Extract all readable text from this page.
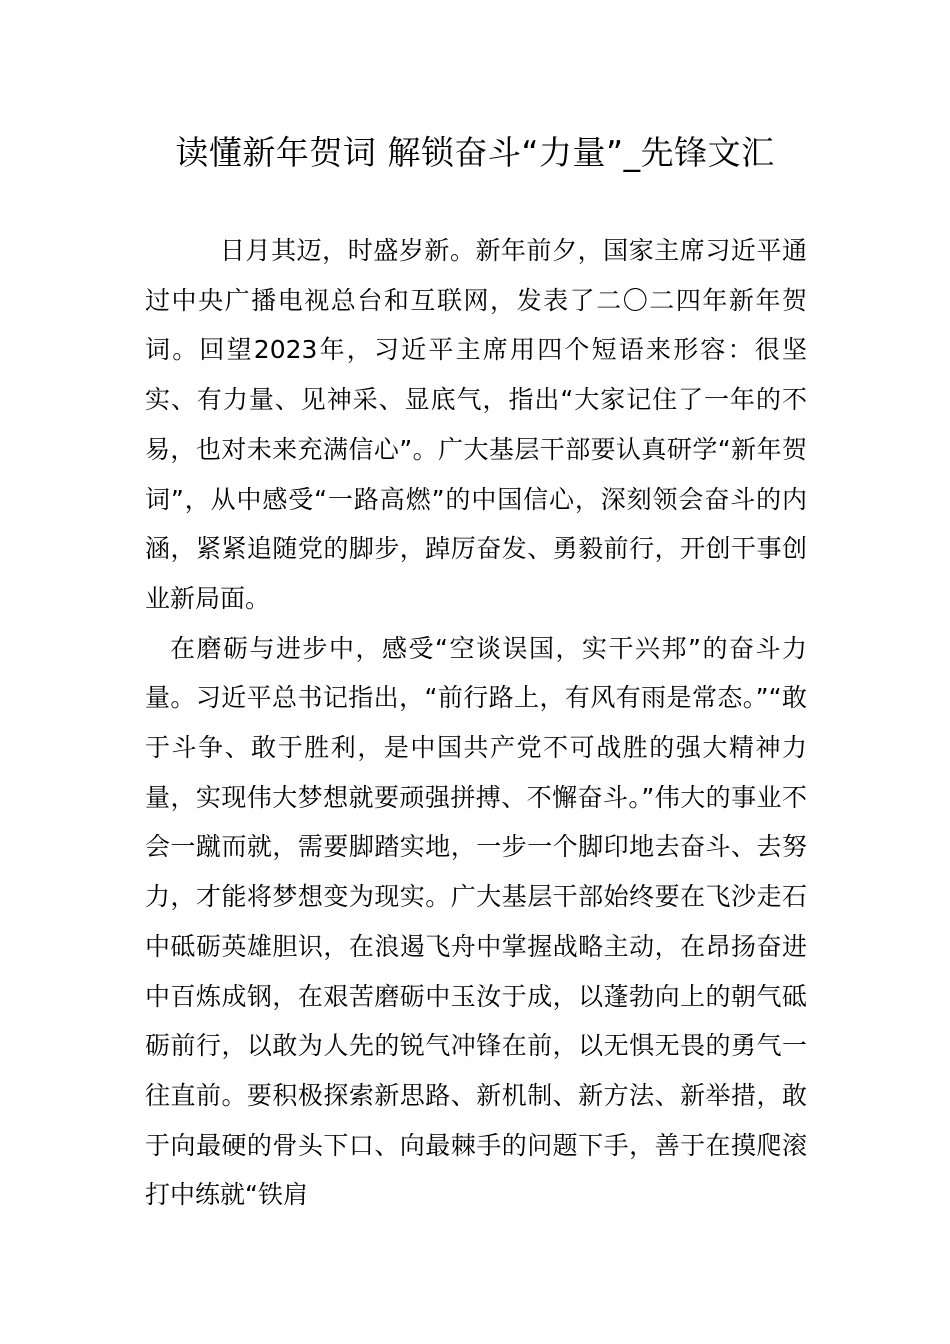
读懂新年贺词 解锁奋斗“力量”_先锋文汇

日月其迈，时盛岁新。新年前夕，国家主席习近平通过中央广播电视总台和互联网，发表了二〇二四年新年贺词。回望2023年，习近平主席用四个短语来形容：很坚实、有力量、见神采、显底气，指出“大家记住了一年的不易，也对未来充满信心”。广大基层干部要认真研学“新年贺词”，从中感受“一路高燃”的中国信心，深刻领会奋斗的内涵，紧紧追随党的脚步，踔厉奋发、勇毅前行，开创干事创业新局面。

在磨砺与进步中，感受“空谈误国，实干兴邦”的奋斗力量。习近平总书记指出，“前行路上，有风有雨是常态。”“敢于斗争、敢于胜利，是中国共产党不可战胜的强大精神力量，实现伟大梦想就要顽强拼搏、不懈奋斗。”伟大的事业不会一蹴而就，需要脚踏实地，一步一个脚印地去奋斗、去努力，才能将梦想变为现实。广大基层干部始终要在飞沙走石中砥砺英雄胆识，在浪遏飞舟中掌握战略主动，在昂扬奋进中百炼成钢，在艰苦磨砺中玉汝于成，以蓬勃向上的朝气砥砺前行，以敢为人先的锐气冲锋在前，以无惧无畏的勇气一往直前。要积极探索新思路、新机制、新方法、新举措，敢于向最硬的骨头下口、向最棘手的问题下手，善于在摸爬滚打中练就“铁肩
